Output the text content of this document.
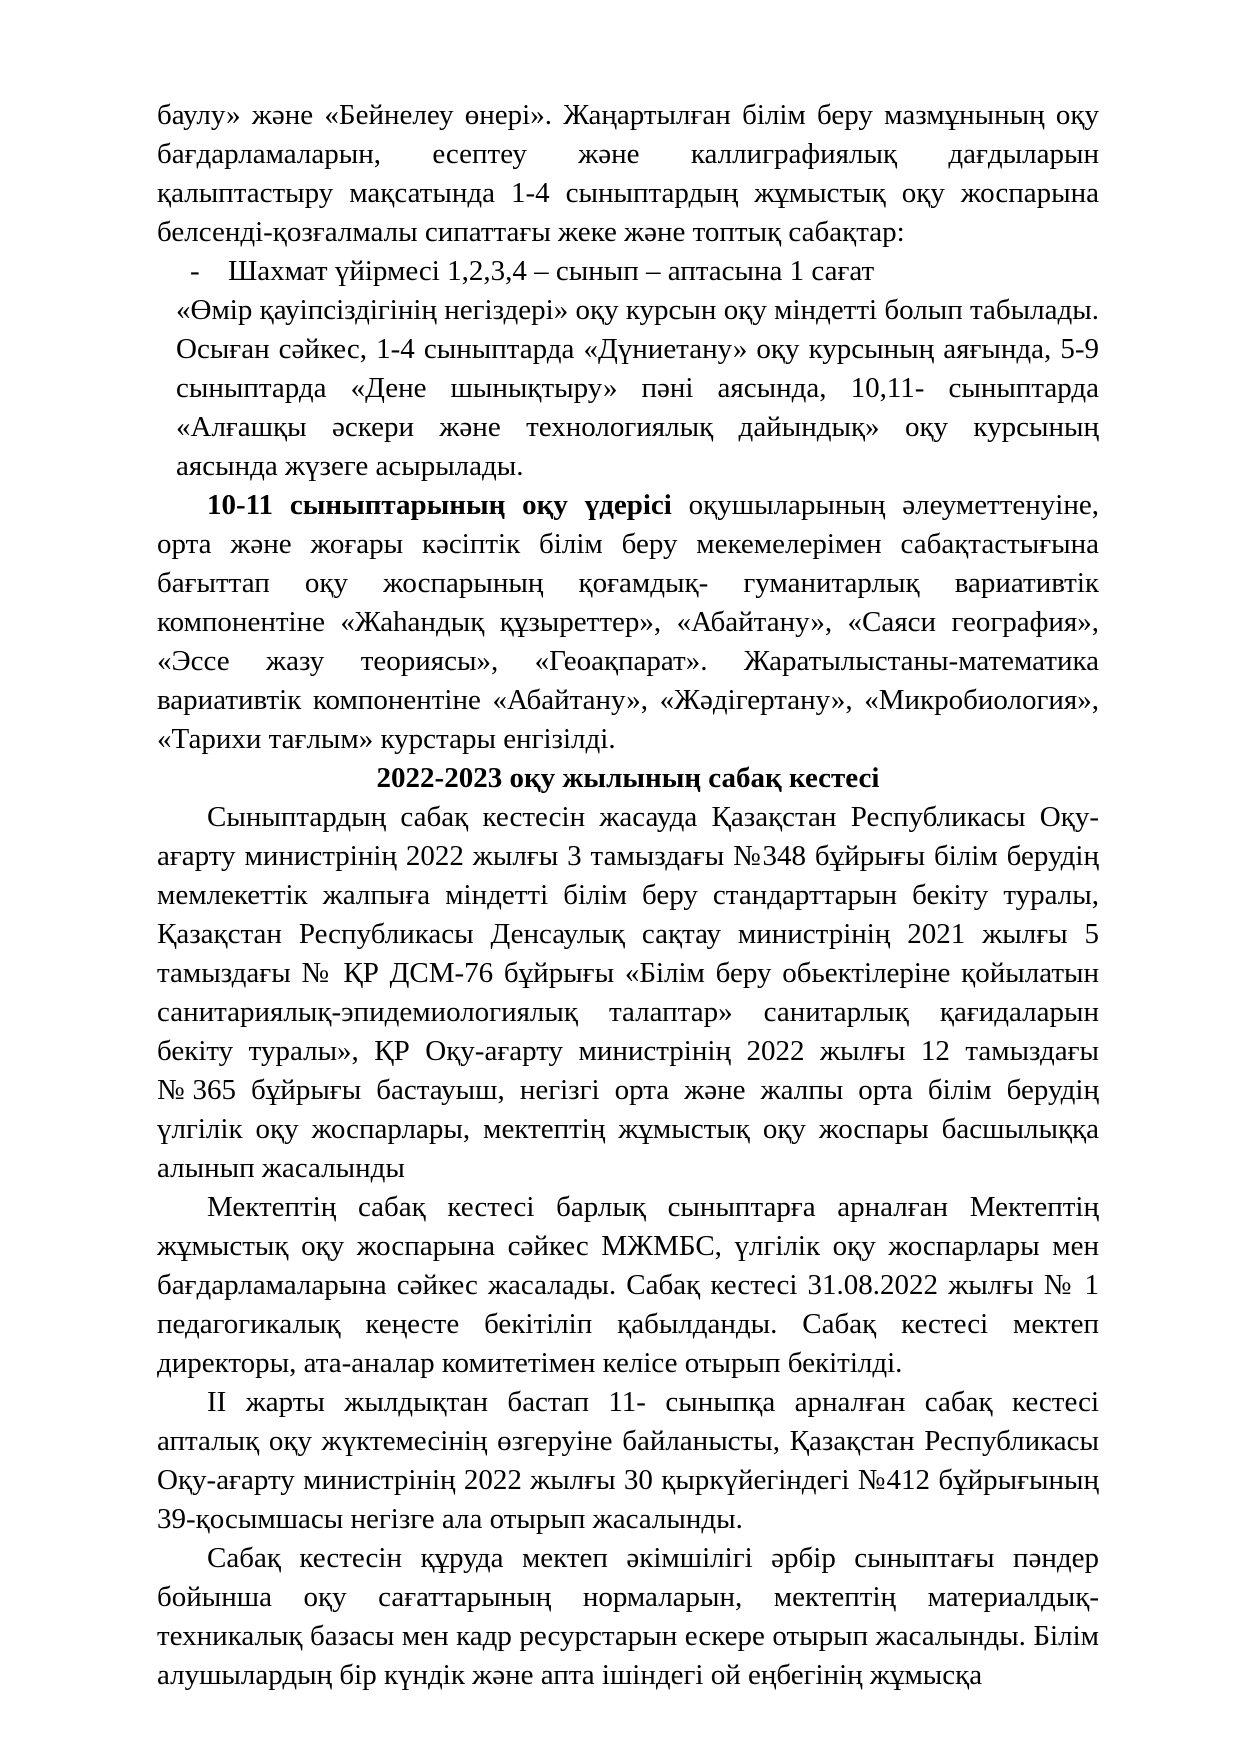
баулу» және «Бейнелеу өнері». Жаңартылған білім беру мазмұнының оқу бағдарламаларын, есептеу және каллиграфиялық дағдыларын қалыптастыру мақсатында 1-4 сыныптардың жұмыстық оқу жоспарына белсенді-қозғалмалы сипаттағы жеке және топтық сабақтар:

- Шахмат үйірмесі 1,2,3,4 – сынып – аптасына 1 сағат

«Өмір қауіпсіздігінің негіздері» оқу курсын оқу міндетті болып табылады. Осыған сәйкес, 1-4 сыныптарда «Дүниетану» оқу курсының аяғында, 5-9 сыныптарда «Дене шынықтыру» пәні аясында, 10,11- сыныптарда «Алғашқы әскери және технологиялық дайындық» оқу курсының аясында жүзеге асырылады.

10-11 сыныптарының оқу үдерісі оқушыларының әлеуметтенуіне, орта және жоғары кәсіптік білім беру мекемелерімен сабақтастығына бағыттап оқу жоспарының қоғамдық- гуманитарлық вариативтік компонентіне «Жаһандық құзыреттер», «Абайтану», «Саяси география», «Эссе жазу теориясы», «Геоақпарат». Жаратылыстаны-математика вариативтік компонентіне «Абайтану», «Жәдігертану», «Микробиология», «Тарихи тағлым» курстары енгізілді.

2022-2023 оқу жылының сабақ кестесі

Сыныптардың сабақ кестесін жасауда Қазақстан Республикасы Оқу-ағарту министрінің 2022 жылғы 3 тамыздағы №348 бұйрығы білім берудің мемлекеттік жалпыға міндетті білім беру стандарттарын бекіту туралы, Қазақстан Республикасы Денсаулық сақтау министрінің 2021 жылғы 5 тамыздағы № ҚР ДСМ-76 бұйрығы «Білім беру обьектілеріне қойылатын санитариялық-эпидемиологиялық талаптар» санитарлық қағидаларын бекіту туралы», ҚР Оқу-ағарту министрінің 2022 жылғы 12 тамыздағы №365 бұйрығы бастауыш, негізгі орта және жалпы орта білім берудің үлгілік оқу жоспарлары, мектептің жұмыстық оқу жоспары басшылыққа алынып жасалынды

Мектептің сабақ кестесі барлық сыныптарға арналған Мектептің жұмыстық оқу жоспарына сәйкес МЖМБС, үлгілік оқу жоспарлары мен бағдарламаларына сәйкес жасалады. Сабақ кестесі 31.08.2022 жылғы № 1 педагогикалық кеңесте бекітіліп қабылданды. Сабақ кестесі мектеп директоры, ата-аналар комитетімен келісе отырып бекітілді.

II жарты жылдықтан бастап 11- сыныпқа арналған сабақ кестесі апталық оқу жүктемесінің өзгеруіне байланысты, Қазақстан Республикасы Оқу-ағарту министрінің 2022 жылғы 30 қыркүйегіндегі №412 бұйрығының 39-қосымшасы негізге ала отырып жасалынды.

Сабақ кестесін құруда мектеп әкімшілігі әрбір сыныптағы пәндер бойынша оқу сағаттарының нормаларын, мектептің материалдық-техникалық базасы мен кадр ресурстарын ескере отырып жасалынды. Білім алушылардың бір күндік және апта ішіндегі ой еңбегінің жұмысқа
